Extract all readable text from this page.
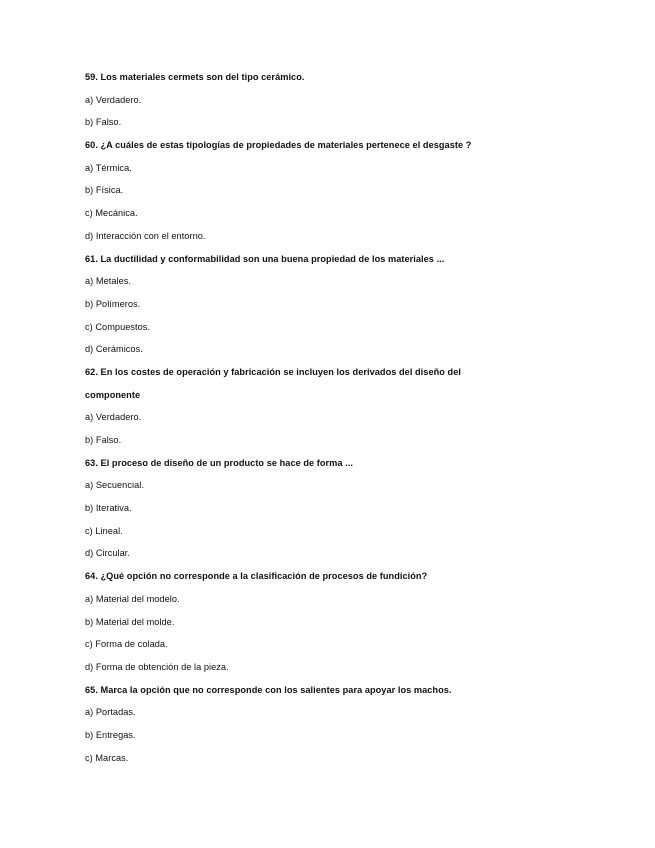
59. Los materiales cermets son del tipo cerámico.
a) Verdadero.
b) Falso.
60. ¿A cuáles de estas tipologías de propiedades de materiales pertenece el desgaste ?
a) Térmica.
b) Física.
c) Mecánica.
d) Interacción con el entorno.
61. La ductilidad y conformabilidad son una buena propiedad de los materiales ...
a) Metales.
b) Polímeros.
c) Compuestos.
d) Cerámicos.
62. En los costes de operación y fabricación se incluyen los derivados del diseño del
componente
a) Verdadero.
b) Falso.
63. El proceso de diseño de un producto se hace de forma ...
a) Secuencial.
b) Iterativa.
c) Lineal.
d) Circular.
64. ¿Qué opción no corresponde a la clasificación de procesos de fundición?
a) Material del modelo.
b) Material del molde.
c) Forma de colada.
d) Forma de obtención de la pieza.
65. Marca la opción que no corresponde con los salientes para apoyar los machos.
a) Portadas.
b) Entregas.
c) Marcas.
